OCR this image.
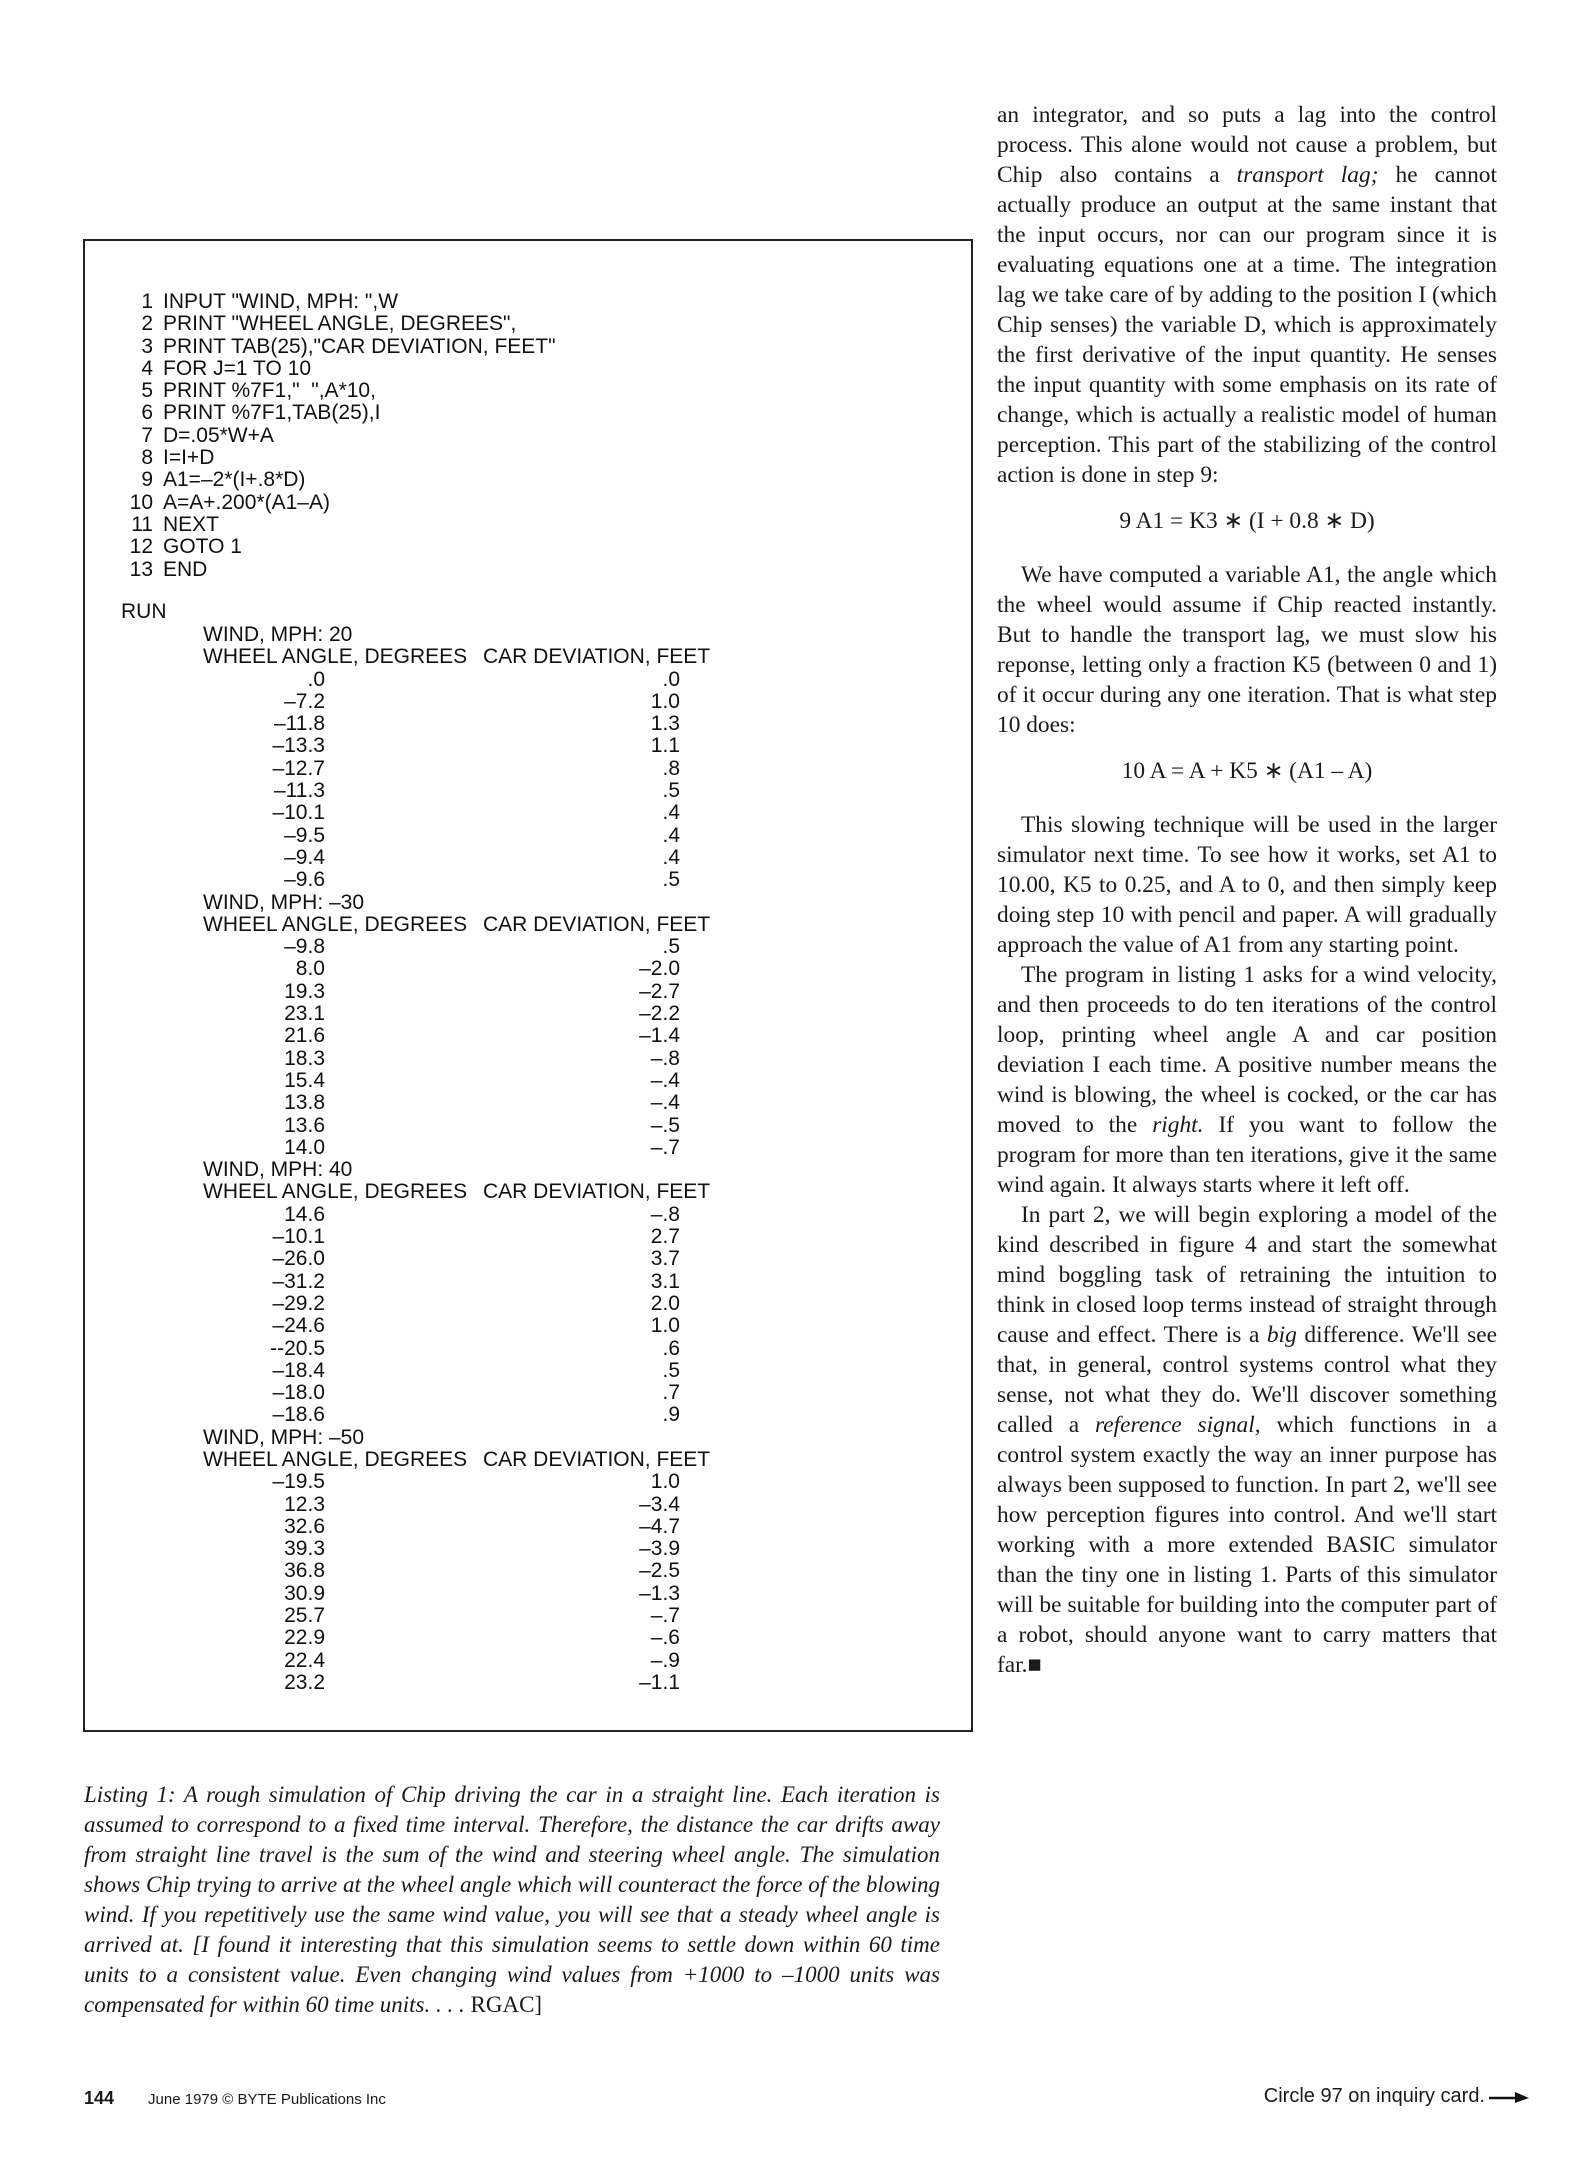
1 INPUT "WIND, MPH: ",W
2 PRINT "WHEEL ANGLE, DEGREES",
3 PRINT TAB(25),"CAR DEVIATION, FEET"
4 FOR J=1 TO 10
5 PRINT %7F1,"  ",A*10,
6 PRINT %7F1,TAB(25),I
7 D=.05*W+A
8 I=I+D
9 A1=–2*(I+.8*D)
10 A=A+.200*(A1–A)
11 NEXT
12 GOTO 1
13 END
RUN
WIND, MPH: 20
WHEEL ANGLE, DEGREES CAR DEVIATION, FEET
.0	.0
–7.2	1.0
–11.8	1.3
–13.3	1.1
–12.7	.8
–11.3	.5
–10.1	.4
–9.5	.4
–9.4	.4
–9.6	.5
WIND, MPH: –30
WHEEL ANGLE, DEGREES CAR DEVIATION, FEET
–9.8	.5
8.0	–2.0
19.3	–2.7
23.1	–2.2
21.6	–1.4
18.3	–.8
15.4	–.4
13.8	–.4
13.6	–.5
14.0	–.7
WIND, MPH: 40
WHEEL ANGLE, DEGREES CAR DEVIATION, FEET
14.6	–.8
–10.1	2.7
–26.0	3.7
–31.2	3.1
–29.2	2.0
–24.6	1.0
--20.5	.6
–18.4	.5
–18.0	.7
–18.6	.9
WIND, MPH: –50
WHEEL ANGLE, DEGREES CAR DEVIATION, FEET
–19.5	1.0
12.3	–3.4
32.6	–4.7
39.3	–3.9
36.8	–2.5
30.9	–1.3
25.7	–.7
22.9	–.6
22.4	–.9
23.2	–1.1
Listing 1: A rough simulation of Chip driving the car in a straight line. Each iteration is assumed to correspond to a fixed time interval. Therefore, the distance the car drifts away from straight line travel is the sum of the wind and steering wheel angle. The simulation shows Chip trying to arrive at the wheel angle which will counteract the force of the blowing wind. If you repetitively use the same wind value, you will see that a steady wheel angle is arrived at. [I found it interesting that this simulation seems to settle down within 60 time units to a consistent value. Even changing wind values from +1000 to –1000 units was compensated for within 60 time units. . . . RGAC]

an integrator, and so puts a lag into the control process. This alone would not cause a problem, but Chip also contains a transport lag; he cannot actually produce an output at the same instant that the input occurs, nor can our program since it is evaluating equations one at a time. The integration lag we take care of by adding to the position I (which Chip senses) the variable D, which is approximately the first derivative of the input quantity. He senses the input quantity with some emphasis on its rate of change, which is actually a realistic model of human perception. This part of the stabilizing of the control action is done in step 9:

9 A1 = K3 ∗ (I + 0.8 ∗ D)

We have computed a variable A1, the angle which the wheel would assume if Chip reacted instantly. But to handle the transport lag, we must slow his reponse, letting only a fraction K5 (between 0 and 1) of it occur during any one iteration. That is what step 10 does:

10 A = A + K5 ∗ (A1 – A)

This slowing technique will be used in the larger simulator next time. To see how it works, set A1 to 10.00, K5 to 0.25, and A to 0, and then simply keep doing step 10 with pencil and paper. A will gradually approach the value of A1 from any starting point.

The program in listing 1 asks for a wind velocity, and then proceeds to do ten iterations of the control loop, printing wheel angle A and car position deviation I each time. A positive number means the wind is blowing, the wheel is cocked, or the car has moved to the right. If you want to follow the program for more than ten iterations, give it the same wind again. It always starts where it left off.

In part 2, we will begin exploring a model of the kind described in figure 4 and start the somewhat mind boggling task of retraining the intuition to think in closed loop terms instead of straight through cause and effect. There is a big difference. We'll see that, in general, control systems control what they sense, not what they do. We'll discover something called a reference signal, which functions in a control system exactly the way an inner purpose has always been supposed to function. In part 2, we'll see how perception figures into control. And we'll start working with a more extended BASIC simulator than the tiny one in listing 1. Parts of this simulator will be suitable for building into the computer part of a robot, should anyone want to carry matters that far.■

144 June 1979 © BYTE Publications Inc	Circle 97 on inquiry card.
